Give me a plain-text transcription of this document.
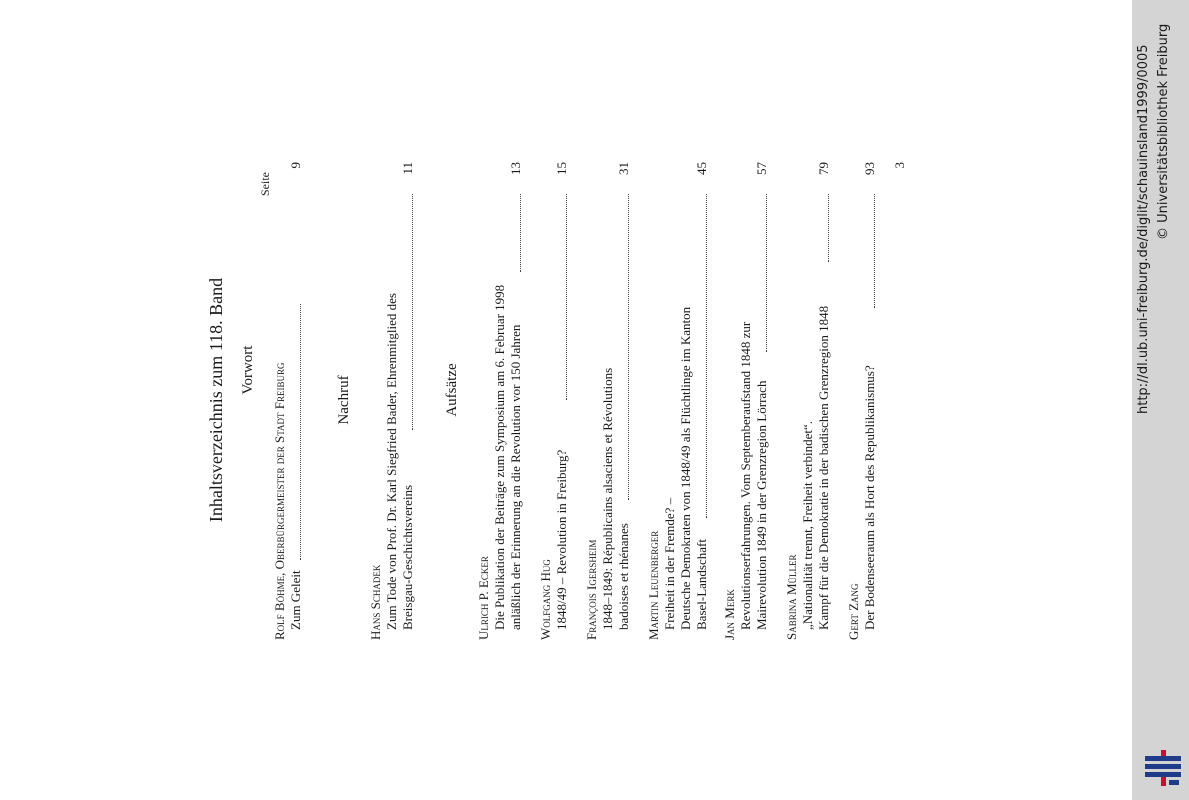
Inhaltsverzeichnis zum 118. Band Vorwort
Seite
Rolf Böhme, Oberbürgermeister der Stadt Freiburg Zum Geleit
9
Nachruf
Hans Schadek Zum Tode von Prof. Dr. Karl Siegfried Bader, Ehrenmitglied des Breisgau-Geschichtsvereins
11
Aufsätze
Ulrich P. Ecker Die Publikation der Beiträge zum Symposium am 6. Februar 1998 anläßlich der Erinnerung an die Revolution vor 150 Jahren
13
Wolfgang Hug 1848/49 – Revolution in Freiburg?
15
François Igersheim 1848–1849: Républicains alsaciens et Révolutions badoises et rhénanes
31
Martin Leuenberger Freiheit in der Fremde? – Deutsche Demokraten von 1848/49 als Flüchtlinge im Kanton Basel-Landschaft
45
Jan Merk Revolutionserfahrungen. Vom Septemberaufstand 1848 zur Mairevolution 1849 in der Grenzregion Lörrach
57
Sabrina Müller „Nationalität trennt, Freiheit verbindet“. Kampf für die Demokratie in der badischen Grenzregion 1848
79
Gert Zang Der Bodenseeraum als Hort des Republikanismus?
93 3	http://dl.ub.uni-freiburg.de/diglit/schauinsland1999/0005 © Universitätsbibliothek Freiburg
